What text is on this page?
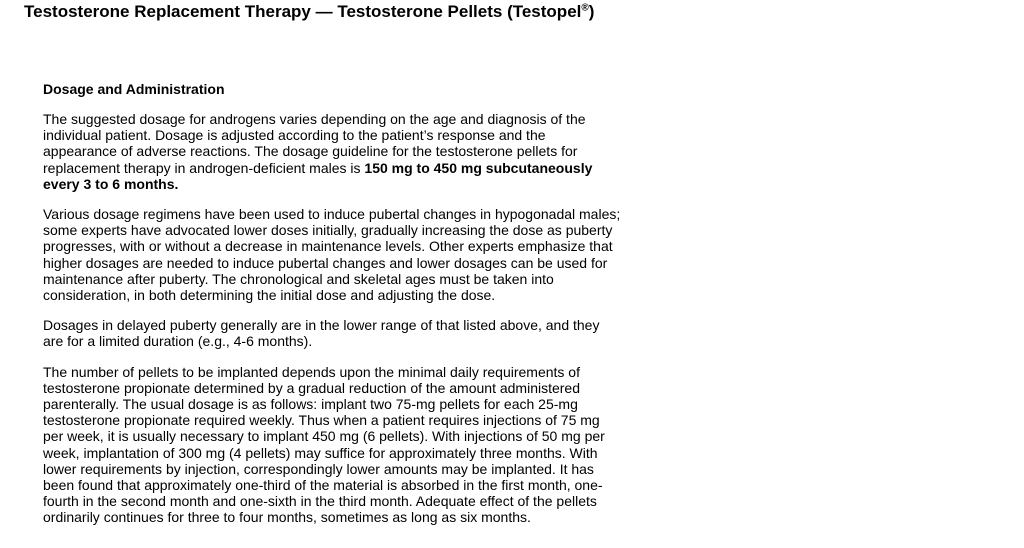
Testosterone Replacement Therapy — Testosterone Pellets (Testopel®)
Dosage and Administration

The suggested dosage for androgens varies depending on the age and diagnosis of the individual patient. Dosage is adjusted according to the patient’s response and the appearance of adverse reactions. The dosage guideline for the testosterone pellets for replacement therapy in androgen-deficient males is 150 mg to 450 mg subcutaneously every 3 to 6 months.

Various dosage regimens have been used to induce pubertal changes in hypogonadal males; some experts have advocated lower doses initially, gradually increasing the dose as puberty progresses, with or without a decrease in maintenance levels. Other experts emphasize that higher dosages are needed to induce pubertal changes and lower dosages can be used for maintenance after puberty. The chronological and skeletal ages must be taken into consideration, in both determining the initial dose and adjusting the dose.

Dosages in delayed puberty generally are in the lower range of that listed above, and they are for a limited duration (e.g., 4-6 months).

The number of pellets to be implanted depends upon the minimal daily requirements of testosterone propionate determined by a gradual reduction of the amount administered parenterally. The usual dosage is as follows: implant two 75-mg pellets for each 25-mg testosterone propionate required weekly. Thus when a patient requires injections of 75 mg per week, it is usually necessary to implant 450 mg (6 pellets). With injections of 50 mg per week, implantation of 300 mg (4 pellets) may suffice for approximately three months. With lower requirements by injection, correspondingly lower amounts may be implanted. It has been found that approximately one-third of the material is absorbed in the first month, one-fourth in the second month and one-sixth in the third month. Adequate effect of the pellets ordinarily continues for three to four months, sometimes as long as six months.
